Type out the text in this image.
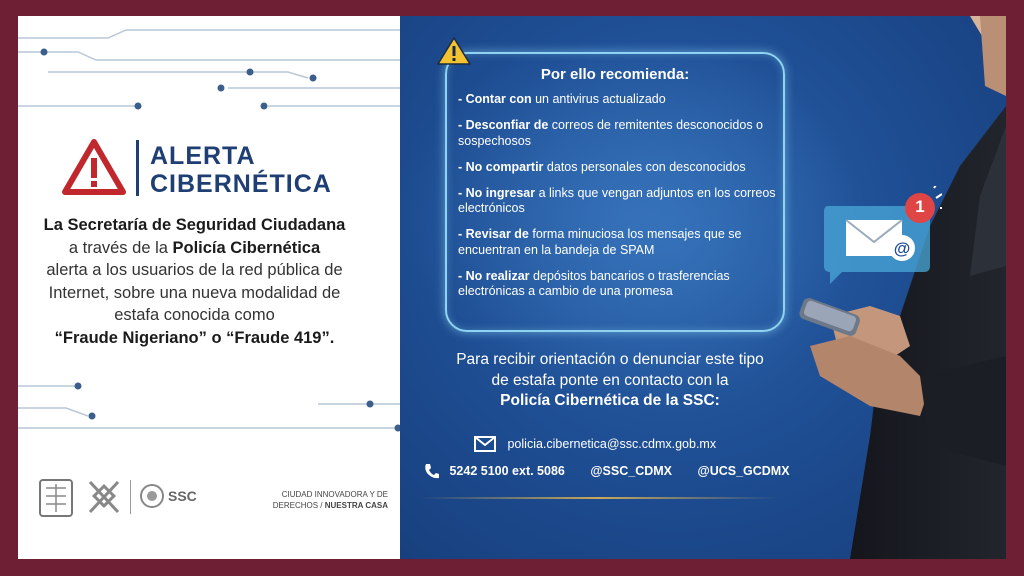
ALERTA
CIBERNÉTICA
La Secretaría de Seguridad Ciudadana
a través de la Policía Cibernética
alerta a los usuarios de la red pública de
Internet, sobre una nueva modalidad de
estafa conocida como
“Fraude Nigeriano” o “Fraude 419”.
SSC	CIUDAD INNOVADORA Y DE
DERECHOS / NUESTRA CASA
@
1
Por ello recomienda:
- Contar con un antivirus actualizado
- Desconfiar de correos de remitentes desconocidos o sospechosos
- No compartir datos personales con desconocidos
- No ingresar a links que vengan adjuntos en los correos electrónicos
- Revisar de forma minuciosa los mensajes que se encuentran en la bandeja de SPAM
- No realizar depósitos bancarios o trasferencias electrónicas a cambio de una promesa
Para recibir orientación o denunciar este tipo
de estafa ponte en contacto con la
Policía Cibernética de la SSC:
policia.cibernetica@ssc.cdmx.gob.mx
5242 5100 ext. 5086 @SSC_CDMX @UCS_GCDMX
